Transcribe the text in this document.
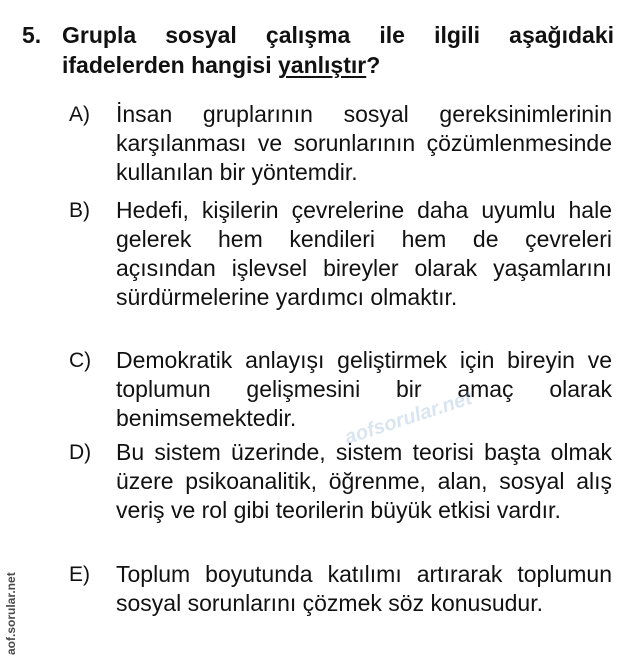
5. Grupla sosyal çalışma ile ilgili aşağıdaki ifadelerden hangisi yanlıştır?
A) İnsan gruplarının sosyal gereksinimlerinin karşılanması ve sorunlarının çözümlenmesinde kullanılan bir yöntemdir.
B) Hedefi, kişilerin çevrelerine daha uyumlu hale gelerek hem kendileri hem de çevreleri açısından işlevsel bireyler olarak yaşamlarını sürdürmelerine yardımcı olmaktır.
C) Demokratik anlayışı geliştirmek için bireyin ve toplumun gelişmesini bir amaç olarak benimsemektedir.
D) Bu sistem üzerinde, sistem teorisi başta olmak üzere psikoanalitik, öğrenme, alan, sosyal alış veriş ve rol gibi teorilerin büyük etkisi vardır.
E) Toplum boyutunda katılımı artırarak toplumun sosyal sorunlarını çözmek söz konusudur.
aofsorular.net
aof.sorular.net
